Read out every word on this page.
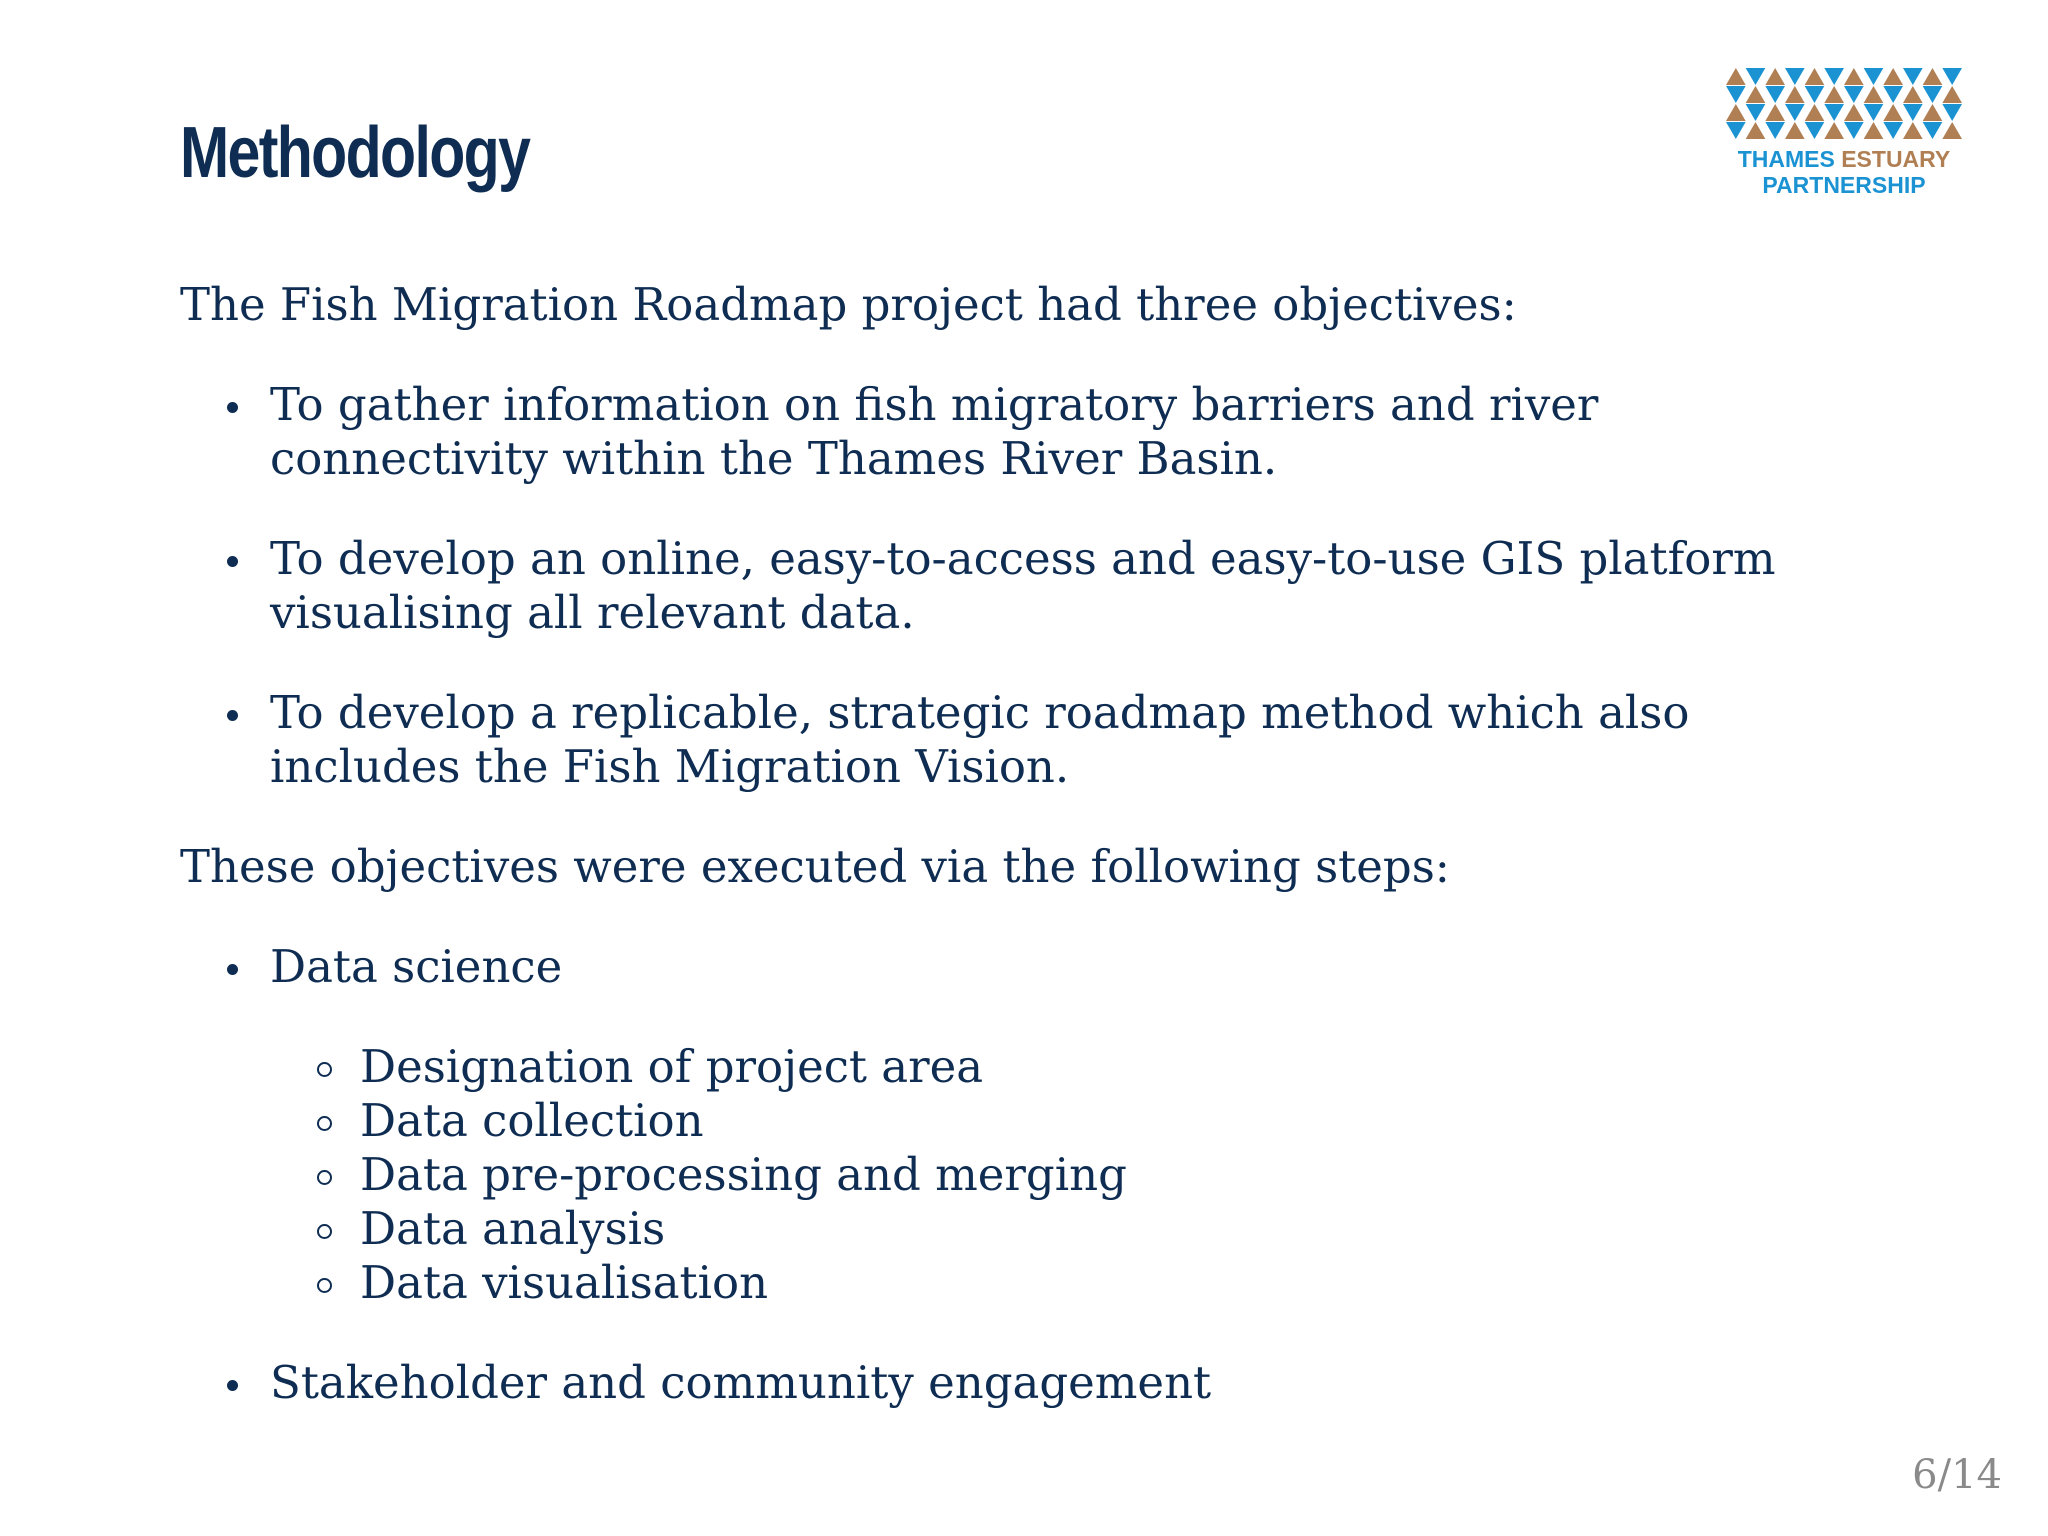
Methodology	THAMES ESTUARY
PARTNERSHIP

The Fish Migration Roadmap project had three objectives:

To gather information on fish migratory barriers and river connectivity within the Thames River Basin.
To develop an online, easy-to-access and easy-to-use GIS platform visualising all relevant data.
To develop a replicable, strategic roadmap method which also includes the Fish Migration Vision.

These objectives were executed via the following steps:

Data science
Designation of project area
Data collection
Data pre-processing and merging
Data analysis
Data visualisation
Stakeholder and community engagement
6/14
